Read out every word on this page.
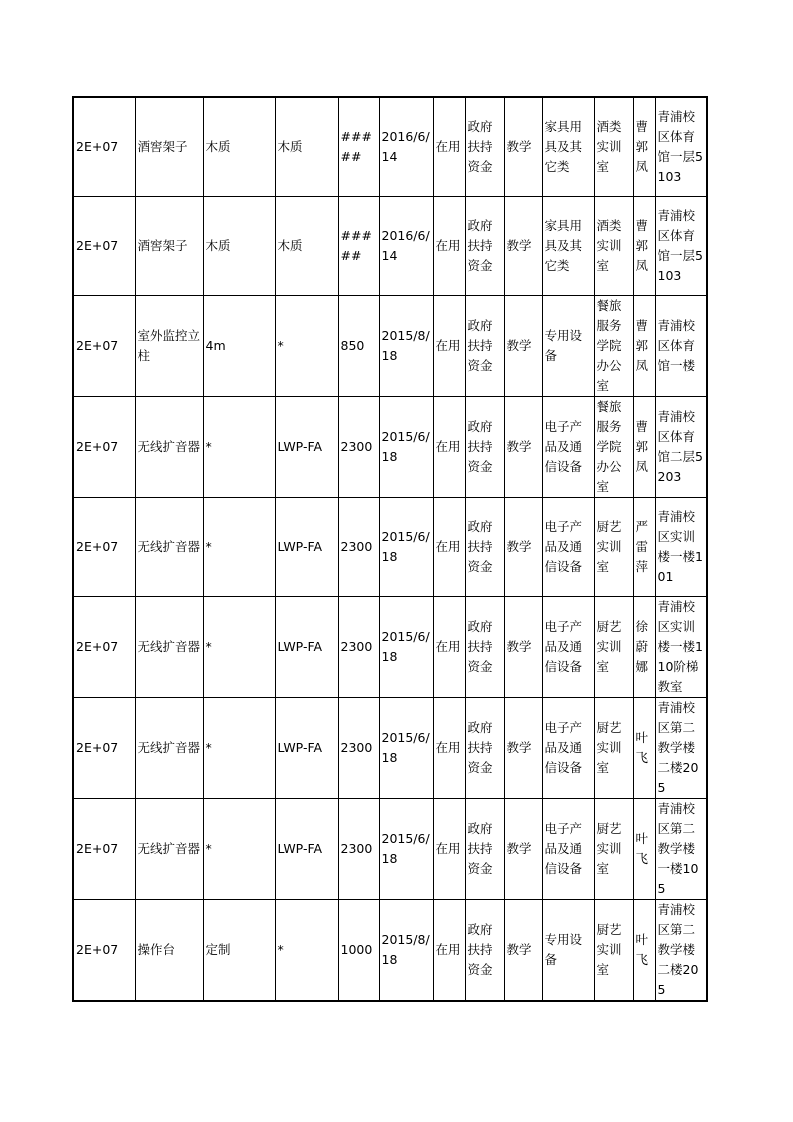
2E+07	酒窖架子	木质	木质	#####	2016/6/14	在用	政府扶持资金	教学	家具用具及其它类	酒类实训室	曹郭凤	青浦校区体育馆一层5103
2E+07	酒窖架子	木质	木质	#####	2016/6/14	在用	政府扶持资金	教学	家具用具及其它类	酒类实训室	曹郭凤	青浦校区体育馆一层5103
2E+07	室外监控立柱	4m	*	850	2015/8/18	在用	政府扶持资金	教学	专用设备	餐旅服务学院办公室	曹郭凤	青浦校区体育馆一楼
2E+07	无线扩音器	*	LWP-FA	2300	2015/6/18	在用	政府扶持资金	教学	电子产品及通信设备	餐旅服务学院办公室	曹郭凤	青浦校区体育馆二层5203
2E+07	无线扩音器	*	LWP-FA	2300	2015/6/18	在用	政府扶持资金	教学	电子产品及通信设备	厨艺实训室	严雷萍	青浦校区实训楼一楼101
2E+07	无线扩音器	*	LWP-FA	2300	2015/6/18	在用	政府扶持资金	教学	电子产品及通信设备	厨艺实训室	徐蔚娜	青浦校区实训楼一楼110阶梯教室
2E+07	无线扩音器	*	LWP-FA	2300	2015/6/18	在用	政府扶持资金	教学	电子产品及通信设备	厨艺实训室	叶飞	青浦校区第二教学楼二楼205
2E+07	无线扩音器	*	LWP-FA	2300	2015/6/18	在用	政府扶持资金	教学	电子产品及通信设备	厨艺实训室	叶飞	青浦校区第二教学楼一楼105
2E+07	操作台	定制	*	1000	2015/8/18	在用	政府扶持资金	教学	专用设备	厨艺实训室	叶飞	青浦校区第二教学楼二楼205
